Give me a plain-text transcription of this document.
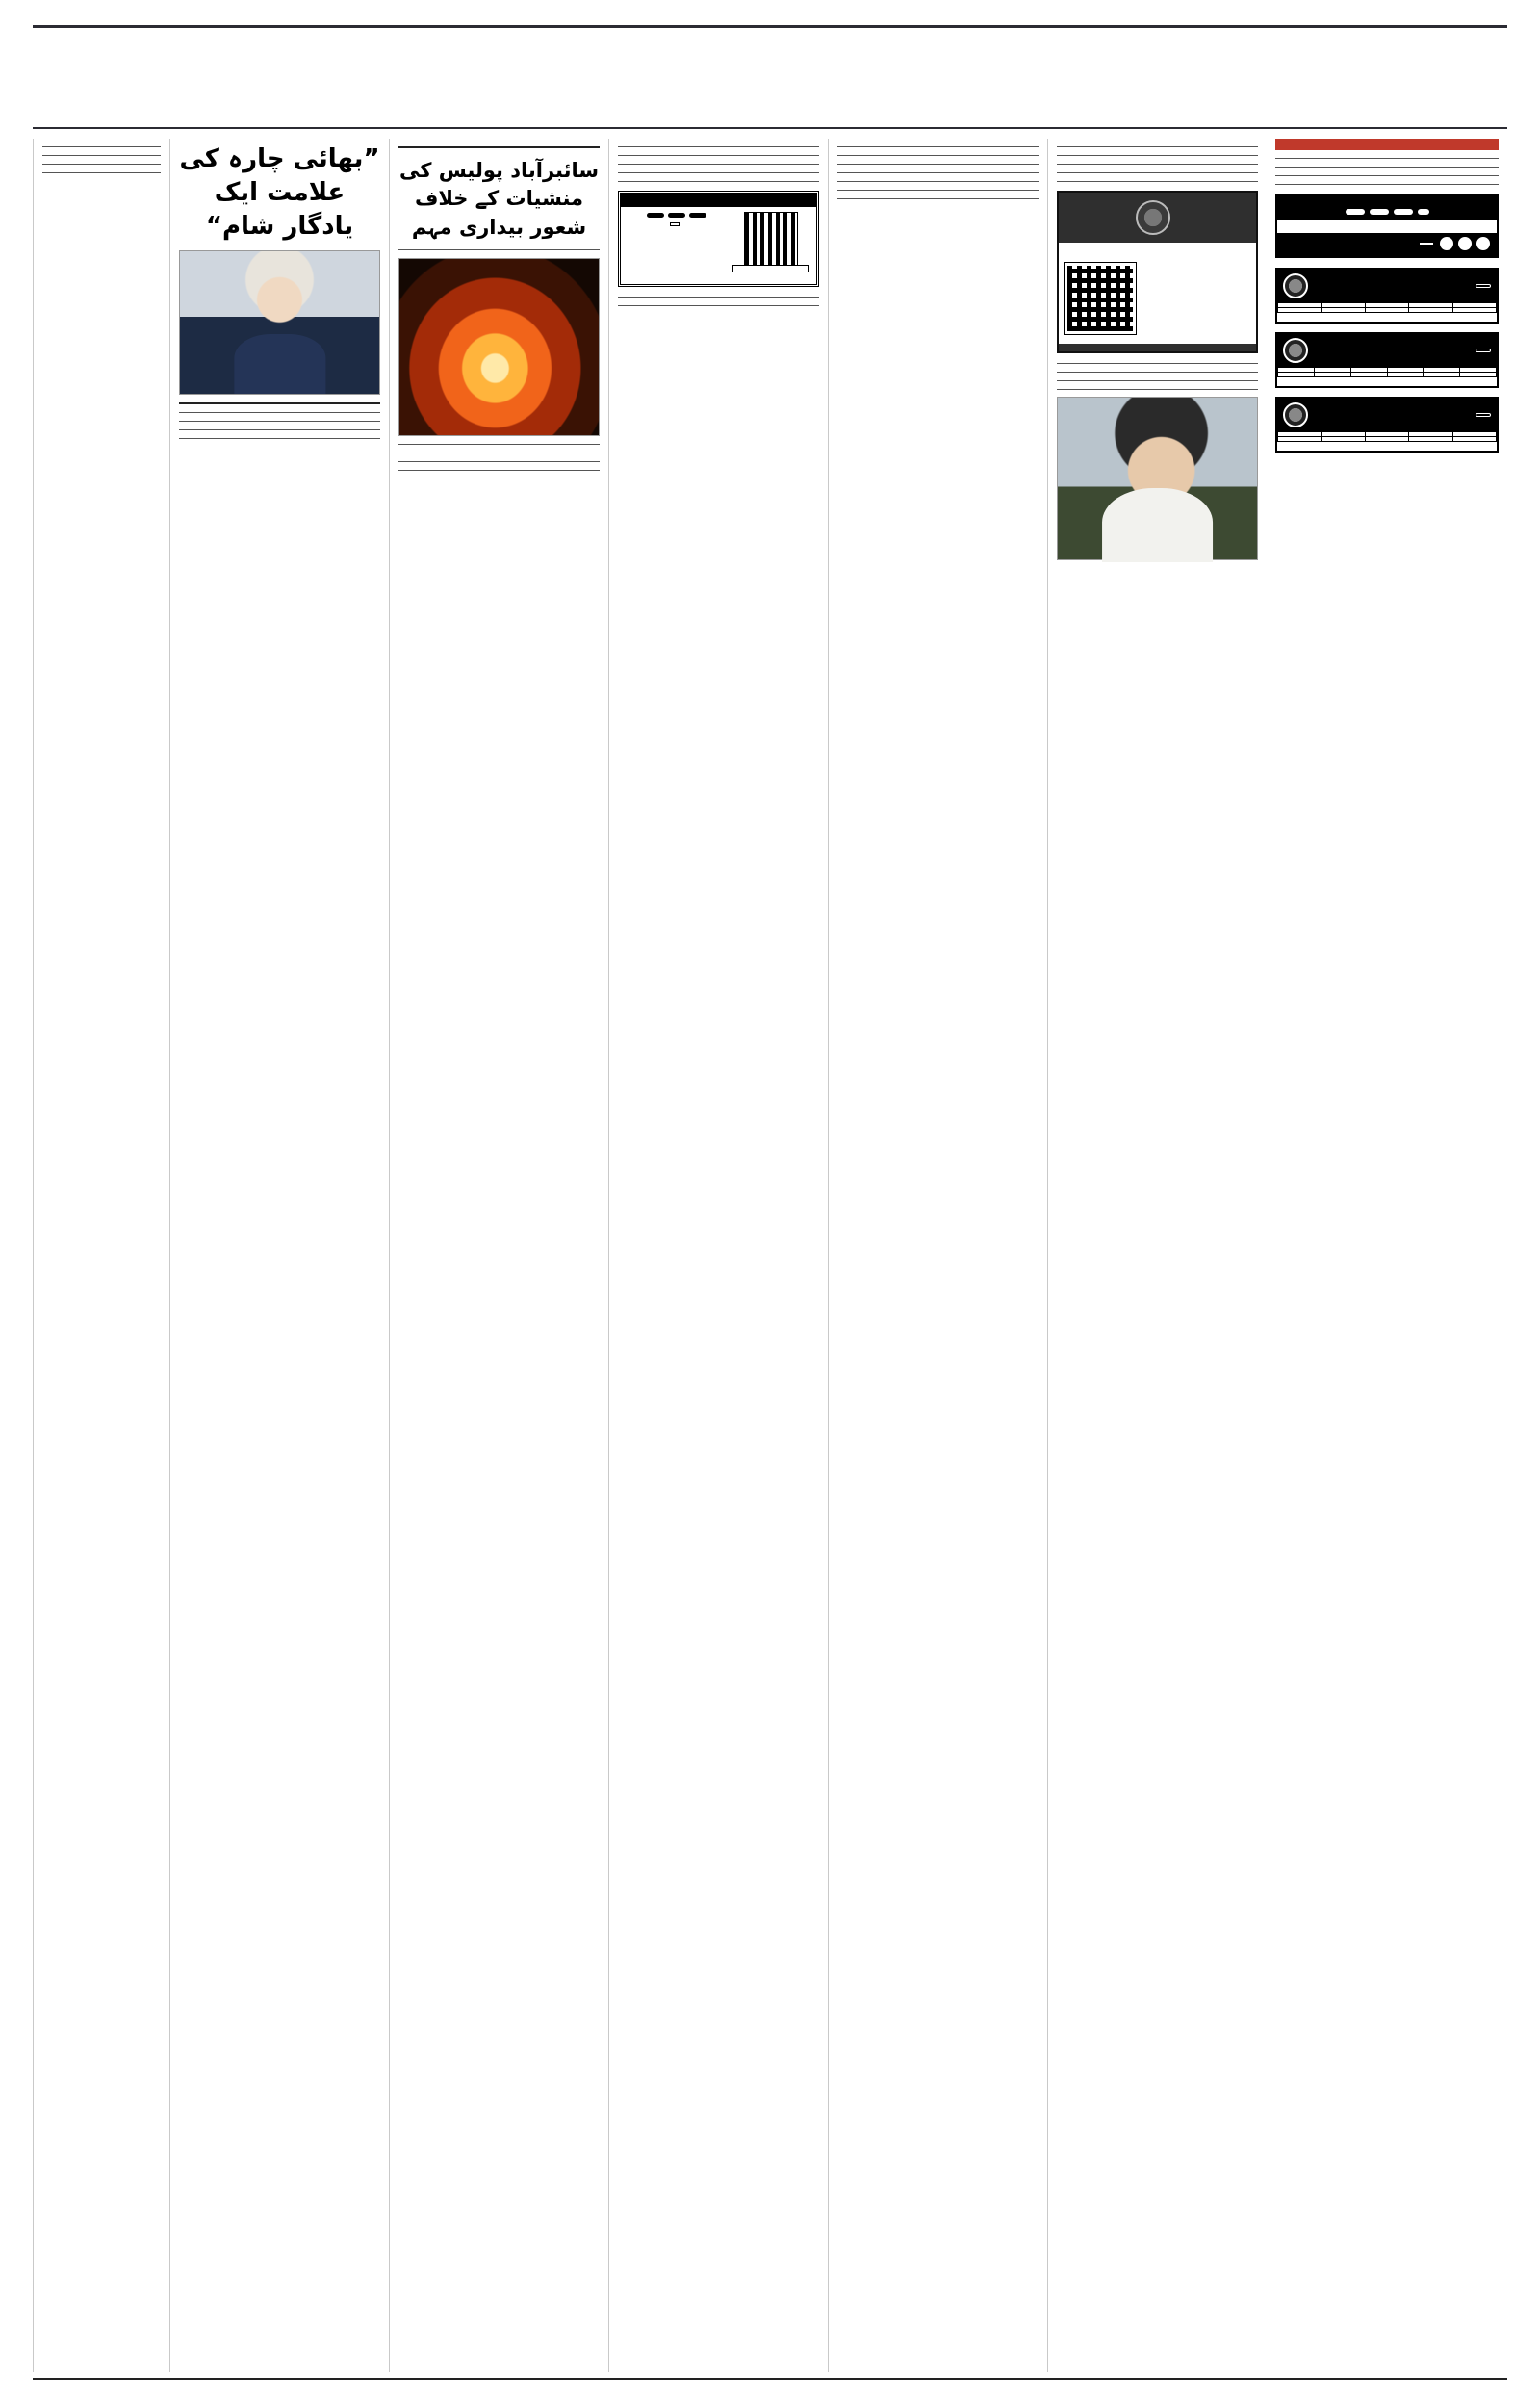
”بھائی چارہ کی علامت ایک یادگار شام“
سائبرآباد پولیس کی منشیات کے خلاف شعور بیداری مہم
